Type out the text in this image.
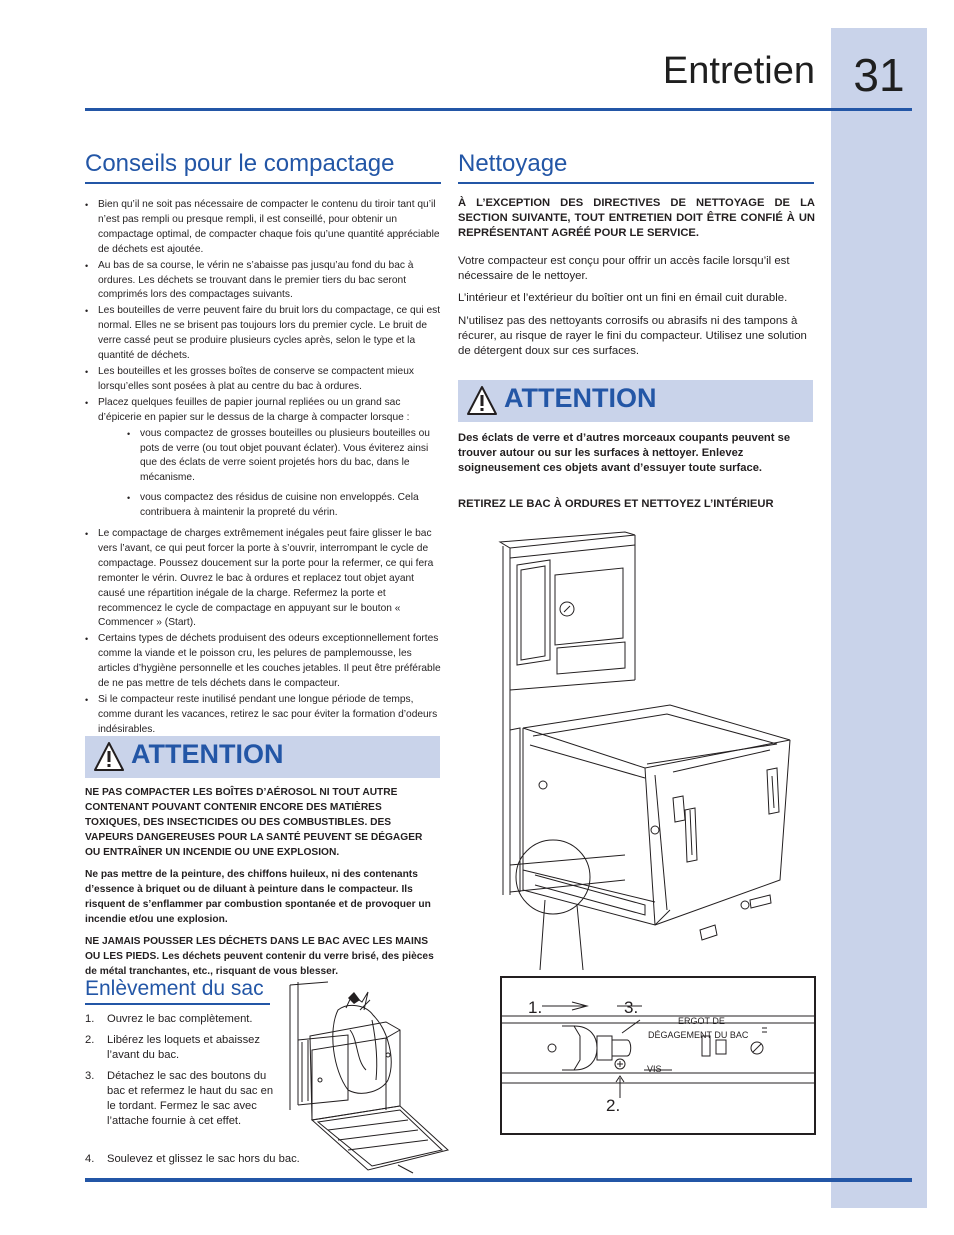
31
Entretien
Conseils pour le compactage
• Bien qu’il ne soit pas nécessaire de compacter le contenu du tiroir tant qu’il n’est pas rempli ou presque rempli, il est conseillé, pour obtenir un compactage optimal, de compacter chaque fois qu’une quantité appréciable de déchets est ajoutée.
• Au bas de sa course, le vérin ne s’abaisse pas jusqu’au fond du bac à ordures. Les déchets se trouvant dans le premier tiers du bac seront comprimés lors des compactages suivants.
• Les bouteilles de verre peuvent faire du bruit lors du compactage, ce qui est normal. Elles ne se brisent pas toujours lors du premier cycle. Le bruit de verre cassé peut se produire plusieurs cycles après, selon le type et la quantité de déchets.
• Les bouteilles et les grosses boîtes de conserve se compactent mieux lorsqu’elles sont posées à plat au centre du bac à ordures.
• Placez quelques feuilles de papier journal repliées ou un grand sac d’épicerie en papier sur le dessus de la charge à compacter lorsque :
• vous compactez de grosses bouteilles ou plusieurs bouteilles ou pots de verre (ou tout objet pouvant éclater). Vous éviterez ainsi que des éclats de verre soient projetés hors du bac, dans le mécanisme.
• vous compactez des résidus de cuisine non enveloppés. Cela contribuera à maintenir la propreté du vérin.
• Le compactage de charges extrêmement inégales peut faire glisser le bac vers l’avant, ce qui peut forcer la porte à s’ouvrir, interrompant le cycle de compactage. Poussez doucement sur la porte pour la refermer, ce qui fera remonter le vérin. Ouvrez le bac à ordures et replacez tout objet ayant causé une répartition inégale de la charge. Refermez la porte et recommencez le cycle de compactage en appuyant sur le bouton « Commencer » (Start).
• Certains types de déchets produisent des odeurs exceptionnellement fortes comme la viande et le poisson cru, les pelures de pamplemousse, les articles d’hygiène personnelle et les couches jetables. Il peut être préférable de ne pas mettre de tels déchets dans le compacteur.
• Si le compacteur reste inutilisé pendant une longue période de temps, comme durant les vacances, retirez le sac pour éviter la formation d’odeurs indésirables.
ATTENTION

NE PAS COMPACTER LES BOÎTES D’AÉROSOL NI TOUT AUTRE CONTENANT POUVANT CONTENIR ENCORE DES MATIÈRES TOXIQUES, DES INSECTICIDES OU DES COMBUSTIBLES. DES VAPEURS DANGEREUSES POUR LA SANTÉ PEUVENT SE DÉGAGER OU ENTRAÎNER UN INCENDIE OU UNE EXPLOSION.

Ne pas mettre de la peinture, des chiffons huileux, ni des contenants d’essence à briquet ou de diluant à peinture dans le compacteur. Ils risquent de s’enflammer par combustion spontanée et de provoquer un incendie et/ou une explosion.

NE JAMAIS POUSSER LES DÉCHETS DANS LE BAC AVEC LES MAINS OU LES PIEDS. Les déchets peuvent contenir du verre brisé, des pièces de métal tranchantes, etc., risquant de vous blesser.

Enlèvement du sac
1. Ouvrez le bac complètement.
2. Libérez les loquets et abaissez l’avant du bac.
3. Détachez le sac des boutons du bac et refermez le haut du sac en le tordant. Fermez le sac avec l’attache fournie à cet effet.
4. Soulevez et glissez le sac hors du bac.
Nettoyage

À L’EXCEPTION DES DIRECTIVES DE NETTOYAGE DE LA SECTION SUIVANTE, TOUT ENTRETIEN DOIT ÊTRE CONFIÉ À UN REPRÉSENTANT AGRÉÉ POUR LE SERVICE.

Votre compacteur est conçu pour offrir un accès facile lorsqu’il est nécessaire de le nettoyer.

L’intérieur et l’extérieur du boîtier ont un fini en émail cuit durable.

N’utilisez pas des nettoyants corrosifs ou abrasifs ni des tampons à récurer, au risque de rayer le fini du compacteur. Utilisez une solution de détergent doux sur ces surfaces.

ATTENTION

Des éclats de verre et d’autres morceaux coupants peuvent se trouver autour ou sur les surfaces à nettoyer. Enlevez soigneusement ces objets avant d’essuyer toute surface.

RETIREZ LE BAC À ORDURES ET NETTOYEZ L’INTÉRIEUR

1.	3.
2.
ERGOT DE
DÉGAGEMENT DU BAC
VIS
